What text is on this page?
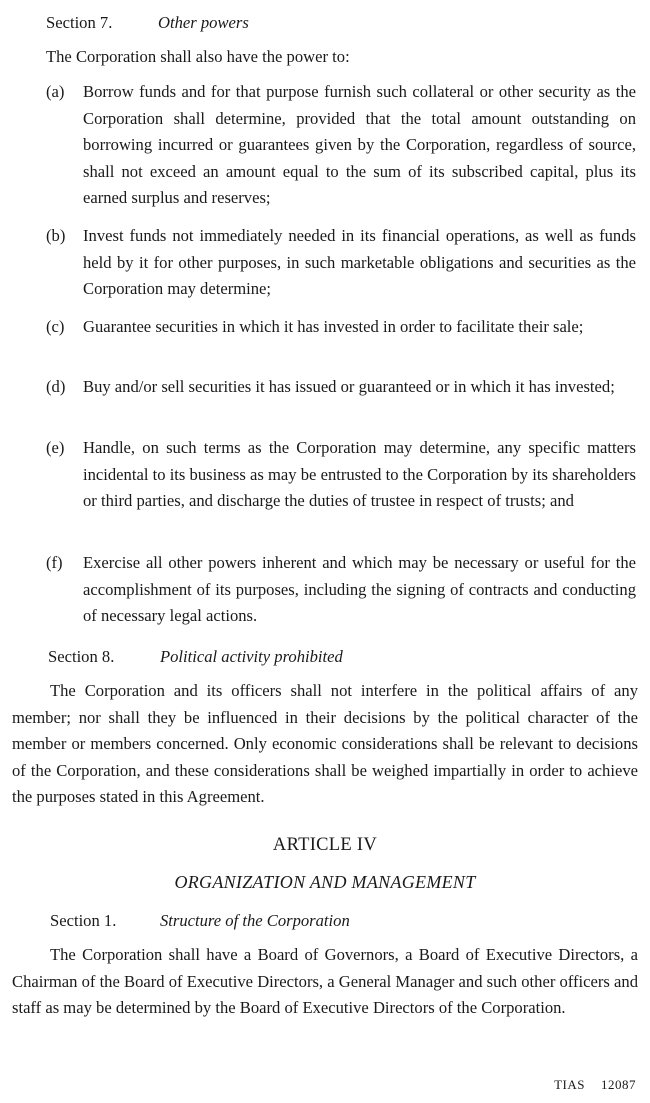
Section 7.	Other powers
The Corporation shall also have the power to:
(a) Borrow funds and for that purpose furnish such collateral or other security as the Corporation shall determine, provided that the total amount outstanding on borrowing incurred or guarantees given by the Corporation, regardless of source, shall not exceed an amount equal to the sum of its subscribed capital, plus its earned surplus and reserves;
(b) Invest funds not immediately needed in its financial operations, as well as funds held by it for other purposes, in such marketable obligations and securities as the Corporation may determine;
(c) Guarantee securities in which it has invested in order to facilitate their sale;
(d) Buy and/or sell securities it has issued or guaranteed or in which it has invested;
(e) Handle, on such terms as the Corporation may determine, any specific matters incidental to its business as may be entrusted to the Corporation by its shareholders or third parties, and discharge the duties of trustee in respect of trusts; and
(f) Exercise all other powers inherent and which may be necessary or useful for the accomplishment of its purposes, including the signing of contracts and conducting of necessary legal actions.
Section 8.	Political activity prohibited
The Corporation and its officers shall not interfere in the political affairs of any member; nor shall they be influenced in their decisions by the political character of the member or members concerned. Only economic considerations shall be relevant to decisions of the Corporation, and these considerations shall be weighed impartially in order to achieve the purposes stated in this Agreement.
ARTICLE IV
ORGANIZATION AND MANAGEMENT
Section 1.	Structure of the Corporation
The Corporation shall have a Board of Governors, a Board of Executive Directors, a Chairman of the Board of Executive Directors, a General Manager and such other officers and staff as may be determined by the Board of Executive Directors of the Corporation.
TIAS 12087
